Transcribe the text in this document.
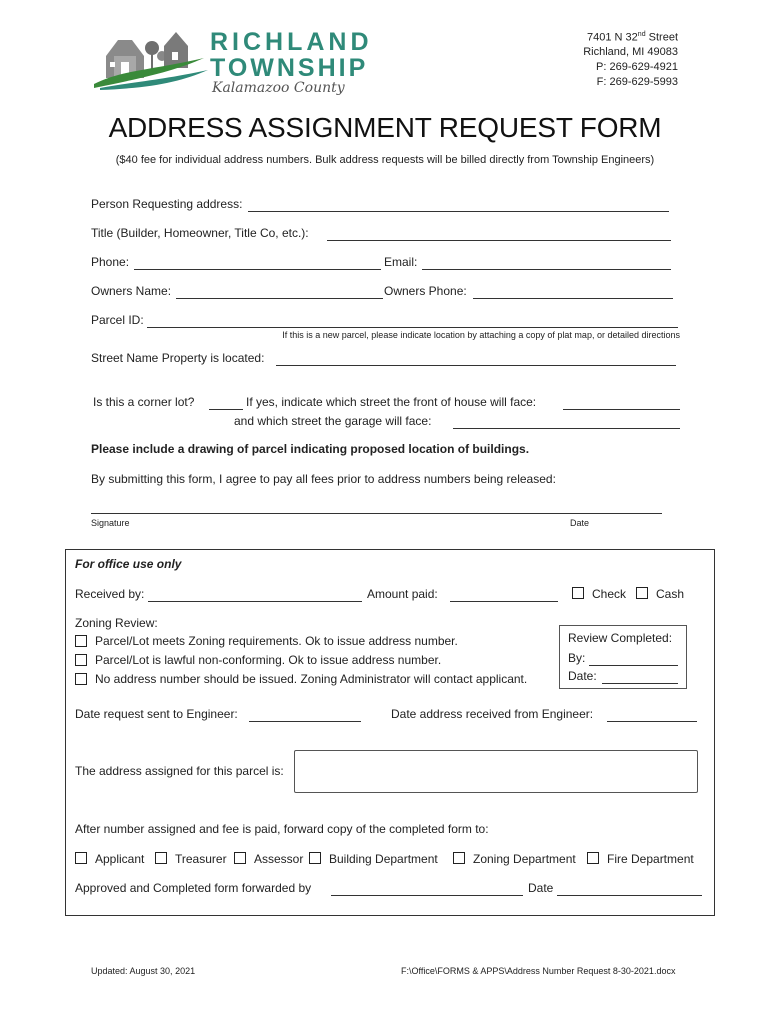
RICHLAND
TOWNSHIP
Kalamazoo County
7401 N 32nd Street
Richland, MI 49083
P: 269-629-4921
F: 269-629-5993
ADDRESS ASSIGNMENT REQUEST FORM
($40 fee for individual address numbers. Bulk address requests will be billed directly from Township Engineers)
Person Requesting address:
Title (Builder, Homeowner, Title Co, etc.):
Phone:	Email:
Owners Name:	Owners Phone:
Parcel ID:
If this is a new parcel, please indicate location by attaching a copy of plat map, or detailed directions
Street Name Property is located:
Is this a corner lot?	If yes, indicate which street the front of house will face:
and which street the garage will face:
Please include a drawing of parcel indicating proposed location of buildings.
By submitting this form, I agree to pay all fees prior to address numbers being released:
Signature	Date
For office use only
Received by:	Amount paid:	Check Cash
Zoning Review:
Parcel/Lot meets Zoning requirements. Ok to issue address number.
Parcel/Lot is lawful non-conforming. Ok to issue address number.
No address number should be issued. Zoning Administrator will contact applicant.
Review Completed:
By:
Date:
Date request sent to Engineer:	Date address received from Engineer:
The address assigned for this parcel is:
After number assigned and fee is paid, forward copy of the completed form to:
Applicant	Treasurer Assessor Building Department	Zoning Department	Fire Department
Approved and Completed form forwarded by	Date
Updated: August 30, 2021	F:\Office\FORMS & APPS\Address Number Request 8-30-2021.docx
